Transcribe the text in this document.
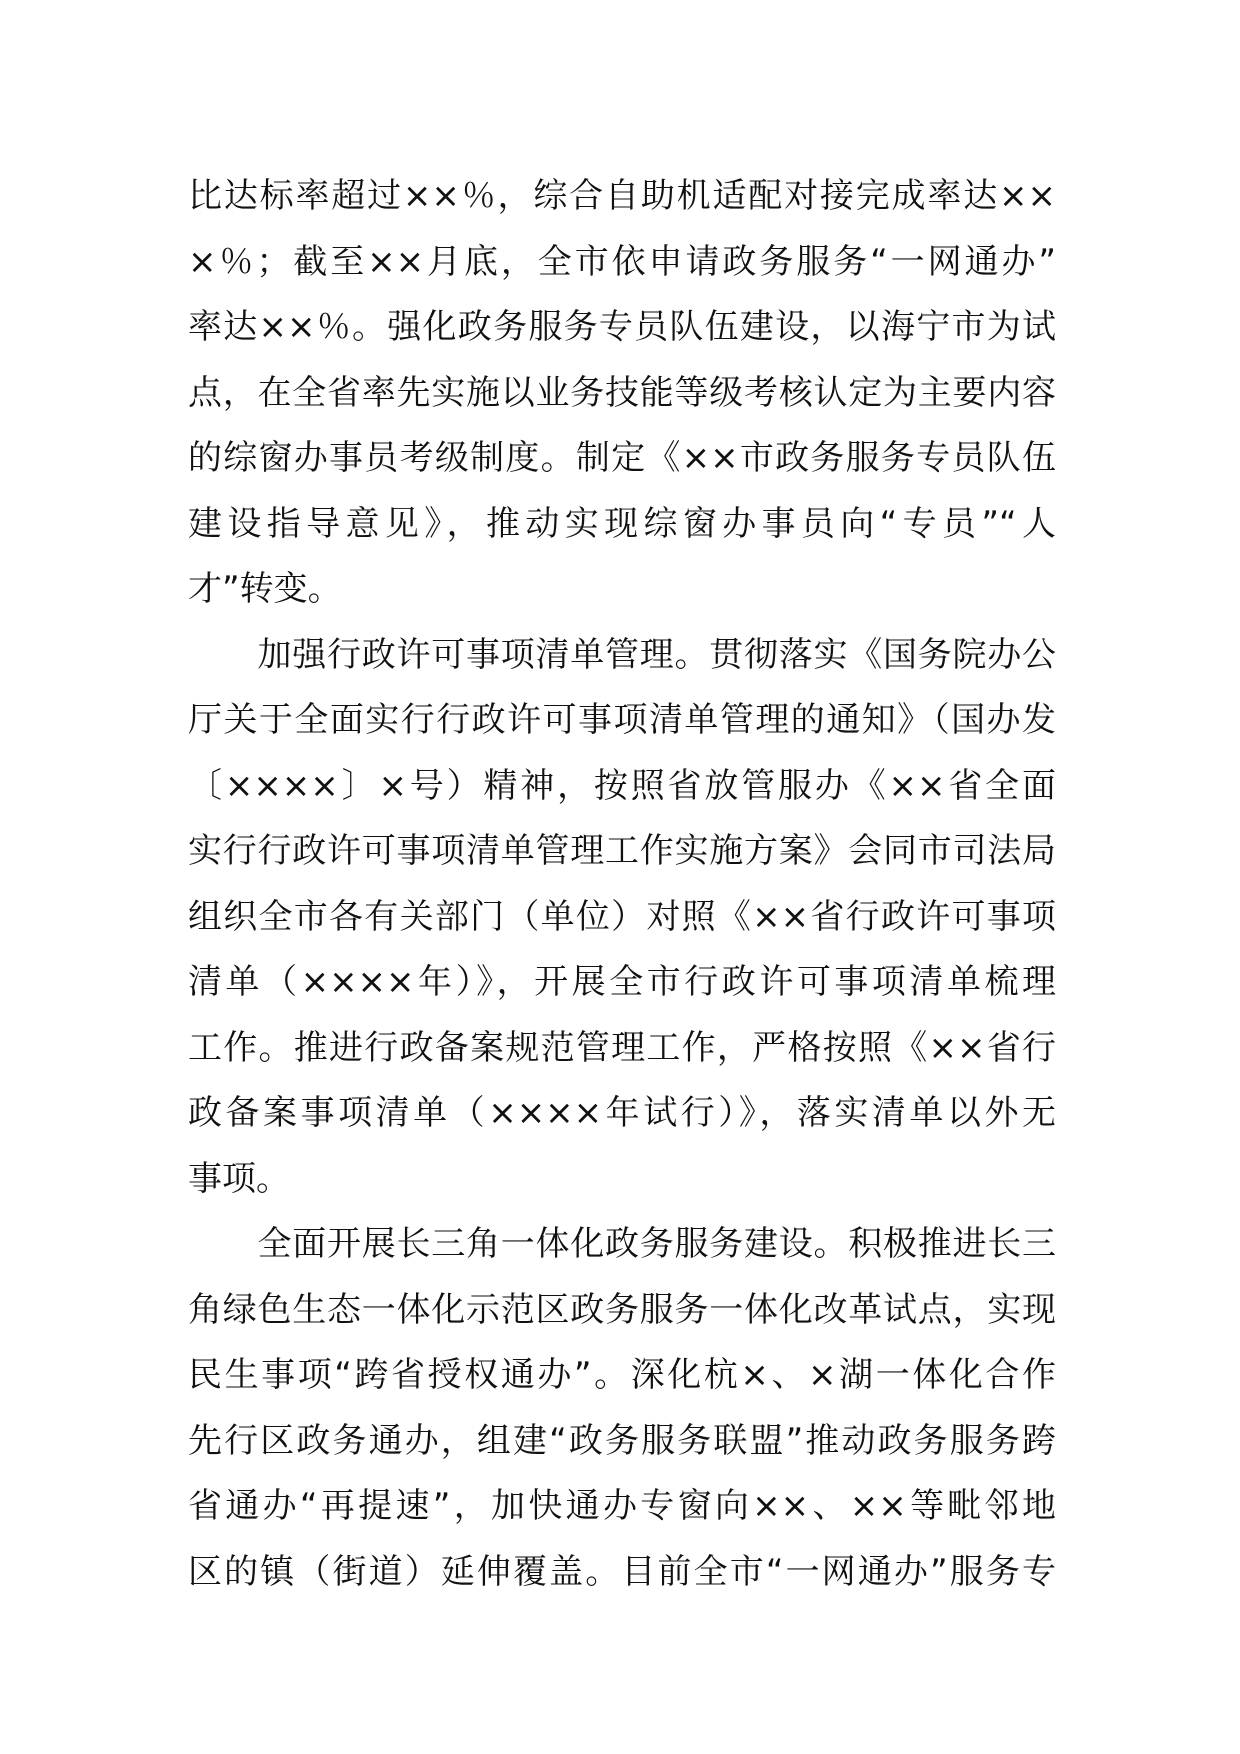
比达标率超过××％，综合自助机适配对接完成率达××
×％；截至××月底，全市依申请政务服务“一网通办”
率达××％。强化政务服务专员队伍建设，以海宁市为试
点，在全省率先实施以业务技能等级考核认定为主要内容
的综窗办事员考级制度。制定《××市政务服务专员队伍
建设指导意见》，推动实现综窗办事员向“专员”“人
才”转变。
　　加强行政许可事项清单管理。贯彻落实《国务院办公
厅关于全面实行行政许可事项清单管理的通知》（国办发
〔××××〕×号）精神，按照省放管服办《××省全面
实行行政许可事项清单管理工作实施方案》会同市司法局
组织全市各有关部门（单位）对照《××省行政许可事项
清单（××××年）》，开展全市行政许可事项清单梳理
工作。推进行政备案规范管理工作，严格按照《××省行
政备案事项清单（××××年试行）》，落实清单以外无
事项。
　　全面开展长三角一体化政务服务建设。积极推进长三
角绿色生态一体化示范区政务服务一体化改革试点，实现
民生事项“跨省授权通办”。深化杭×、×湖一体化合作
先行区政务通办，组建“政务服务联盟”推动政务服务跨
省通办“再提速”，加快通办专窗向××、××等毗邻地
区的镇（街道）延伸覆盖。目前全市“一网通办”服务专
